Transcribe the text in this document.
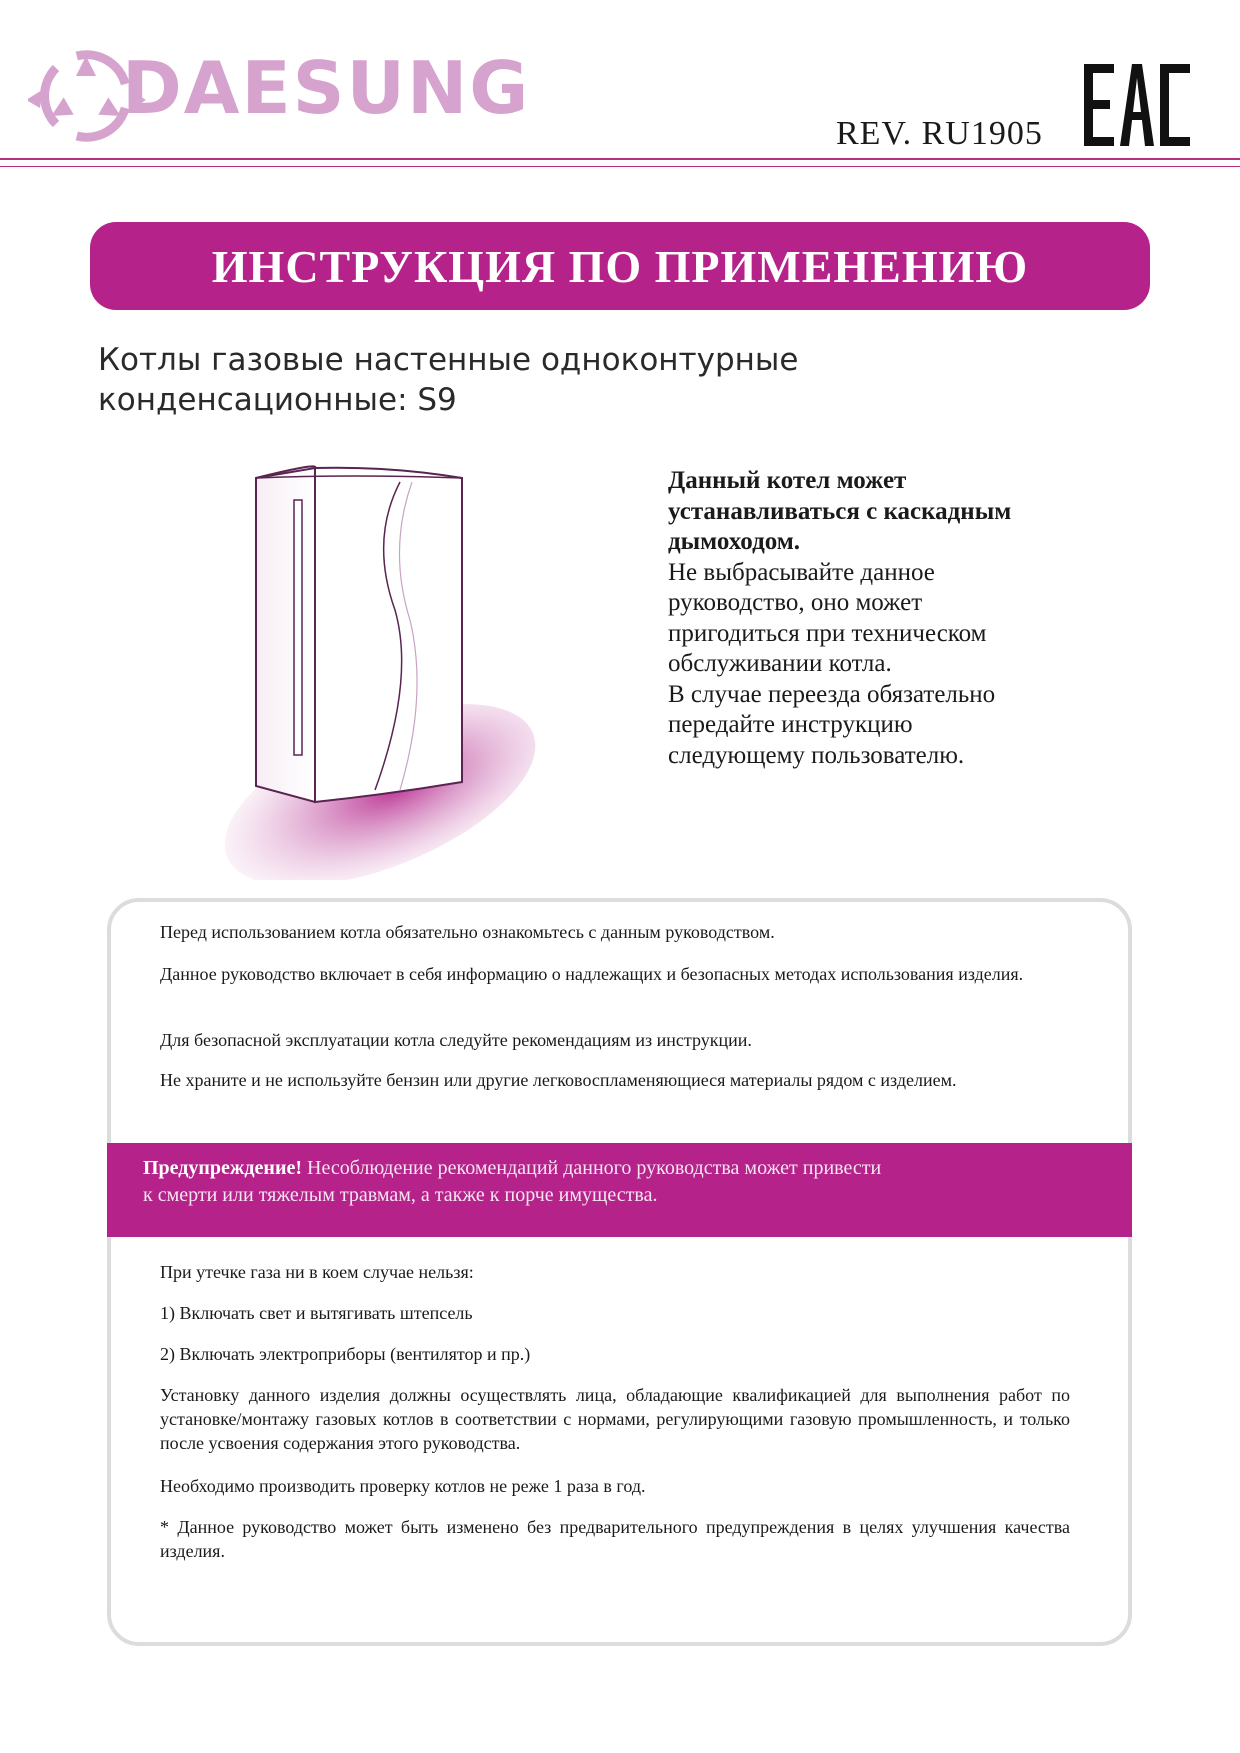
DAESUNG
REV. RU1905
ИНСТРУКЦИЯ ПО ПРИМЕНЕНИЮ

Котлы газовые настенные одноконтурные
конденсационные: S9

Данный котел может
устанавливаться с каскадным
дымоходом.
Не выбрасывайте данное
руководство, оно может
пригодиться при техническом
обслуживании котла.
В случае переезда обязательно
передайте инструкцию
следующему пользователю.

Перед использованием котла обязательно ознакомьтесь с данным руководством.

Данное руководство включает в себя информацию о надлежащих и безопасных методах использования изделия.

Для безопасной эксплуатации котла следуйте рекомендациям из инструкции.

Не храните и не используйте бензин или другие легковоспламеняющиеся материалы рядом с изделием.

Предупреждение! Несоблюдение рекомендаций данного руководства может привести

к смерти или тяжелым травмам, а также к порче имущества.

При утечке газа ни в коем случае нельзя:

1) Включать свет и вытягивать штепсель

2) Включать электроприборы (вентилятор и пр.)

Установку данного изделия должны осуществлять лица, обладающие квалификацией для выполнения работ по установке/монтажу газовых котлов в соответствии с нормами, регулирующими газовую промышленность, и только после усвоения содержания этого руководства.

Необходимо производить проверку котлов не реже 1 раза в год.

* Данное руководство может быть изменено без предварительного предупреждения в целях улучшения качества изделия.
